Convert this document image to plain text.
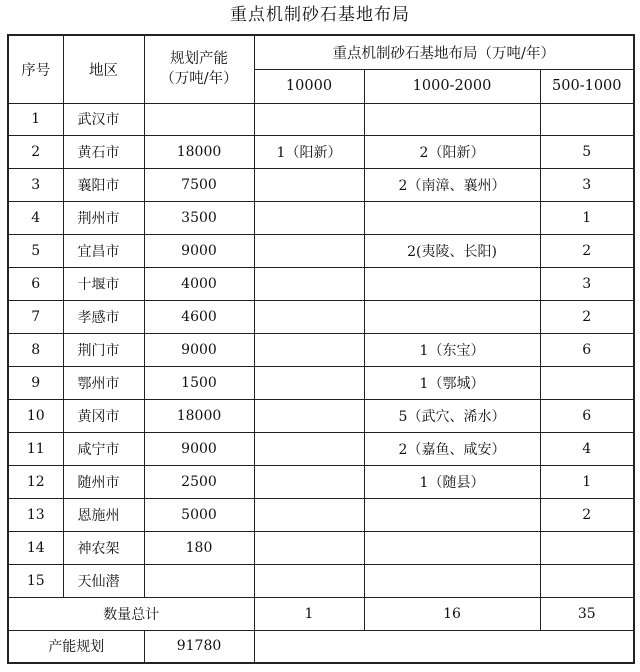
重点机制砂石基地布局
序号	地区	规划产能
（万吨/年）	重点机制砂石基地布局（万吨/年）		
			10000	1000-2000	500-1000
1	武汉市				
2	黄石市	18000	1（阳新）	2（阳新）	5
3	襄阳市	7500		2（南漳、襄州）	3
4	荆州市	3500			1
5	宜昌市	9000		2(夷陵、长阳)	2
6	十堰市	4000			3
7	孝感市	4600			2
8	荆门市	9000		1（东宝）	6
9	鄂州市	1500		1（鄂城）	
10	黄冈市	18000		5（武穴、浠水）	6
11	咸宁市	9000		2（嘉鱼、咸安）	4
12	随州市	2500		1（随县）	1
13	恩施州	5000			2
14	神农架	180			
15	天仙潜				
数量总计			1	16	35
产能规划		91780			
